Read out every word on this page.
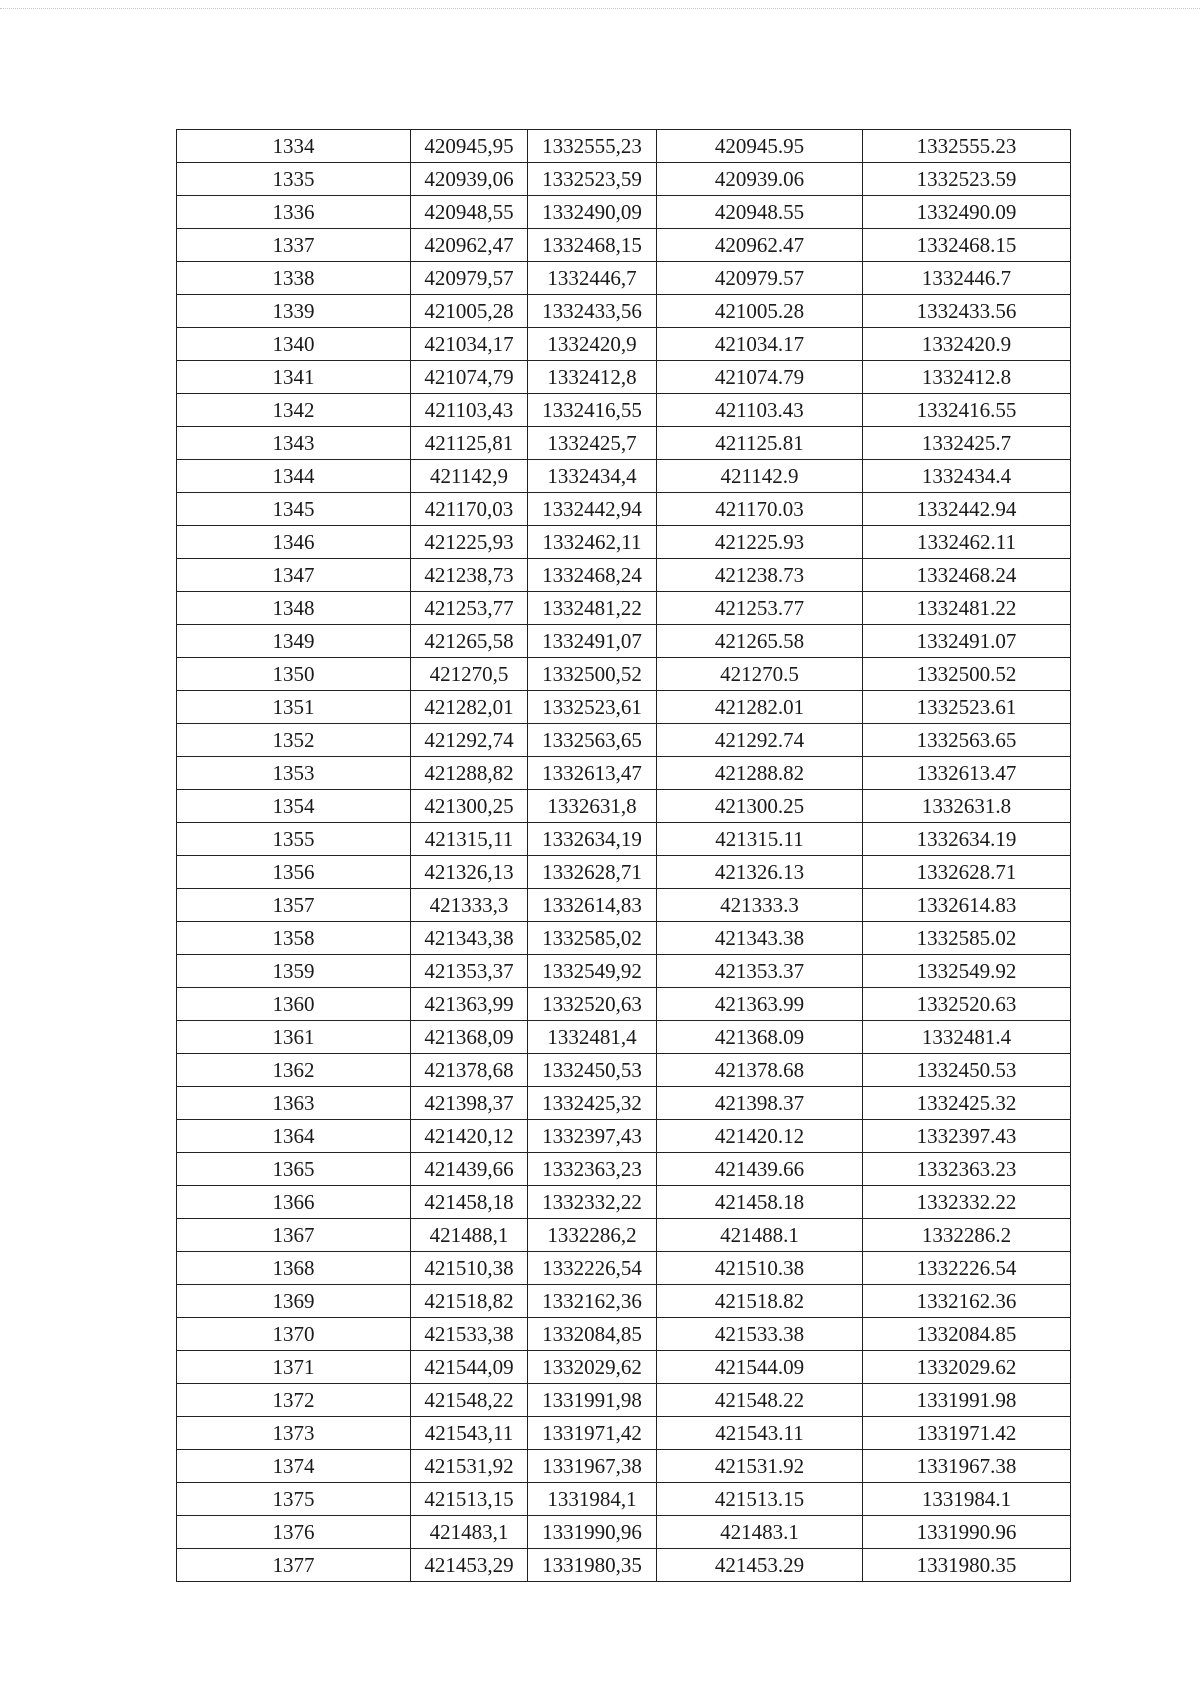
1334	420945,95	1332555,23	420945.95	1332555.23
1335	420939,06	1332523,59	420939.06	1332523.59
1336	420948,55	1332490,09	420948.55	1332490.09
1337	420962,47	1332468,15	420962.47	1332468.15
1338	420979,57	1332446,7	420979.57	1332446.7
1339	421005,28	1332433,56	421005.28	1332433.56
1340	421034,17	1332420,9	421034.17	1332420.9
1341	421074,79	1332412,8	421074.79	1332412.8
1342	421103,43	1332416,55	421103.43	1332416.55
1343	421125,81	1332425,7	421125.81	1332425.7
1344	421142,9	1332434,4	421142.9	1332434.4
1345	421170,03	1332442,94	421170.03	1332442.94
1346	421225,93	1332462,11	421225.93	1332462.11
1347	421238,73	1332468,24	421238.73	1332468.24
1348	421253,77	1332481,22	421253.77	1332481.22
1349	421265,58	1332491,07	421265.58	1332491.07
1350	421270,5	1332500,52	421270.5	1332500.52
1351	421282,01	1332523,61	421282.01	1332523.61
1352	421292,74	1332563,65	421292.74	1332563.65
1353	421288,82	1332613,47	421288.82	1332613.47
1354	421300,25	1332631,8	421300.25	1332631.8
1355	421315,11	1332634,19	421315.11	1332634.19
1356	421326,13	1332628,71	421326.13	1332628.71
1357	421333,3	1332614,83	421333.3	1332614.83
1358	421343,38	1332585,02	421343.38	1332585.02
1359	421353,37	1332549,92	421353.37	1332549.92
1360	421363,99	1332520,63	421363.99	1332520.63
1361	421368,09	1332481,4	421368.09	1332481.4
1362	421378,68	1332450,53	421378.68	1332450.53
1363	421398,37	1332425,32	421398.37	1332425.32
1364	421420,12	1332397,43	421420.12	1332397.43
1365	421439,66	1332363,23	421439.66	1332363.23
1366	421458,18	1332332,22	421458.18	1332332.22
1367	421488,1	1332286,2	421488.1	1332286.2
1368	421510,38	1332226,54	421510.38	1332226.54
1369	421518,82	1332162,36	421518.82	1332162.36
1370	421533,38	1332084,85	421533.38	1332084.85
1371	421544,09	1332029,62	421544.09	1332029.62
1372	421548,22	1331991,98	421548.22	1331991.98
1373	421543,11	1331971,42	421543.11	1331971.42
1374	421531,92	1331967,38	421531.92	1331967.38
1375	421513,15	1331984,1	421513.15	1331984.1
1376	421483,1	1331990,96	421483.1	1331990.96
1377	421453,29	1331980,35	421453.29	1331980.35
